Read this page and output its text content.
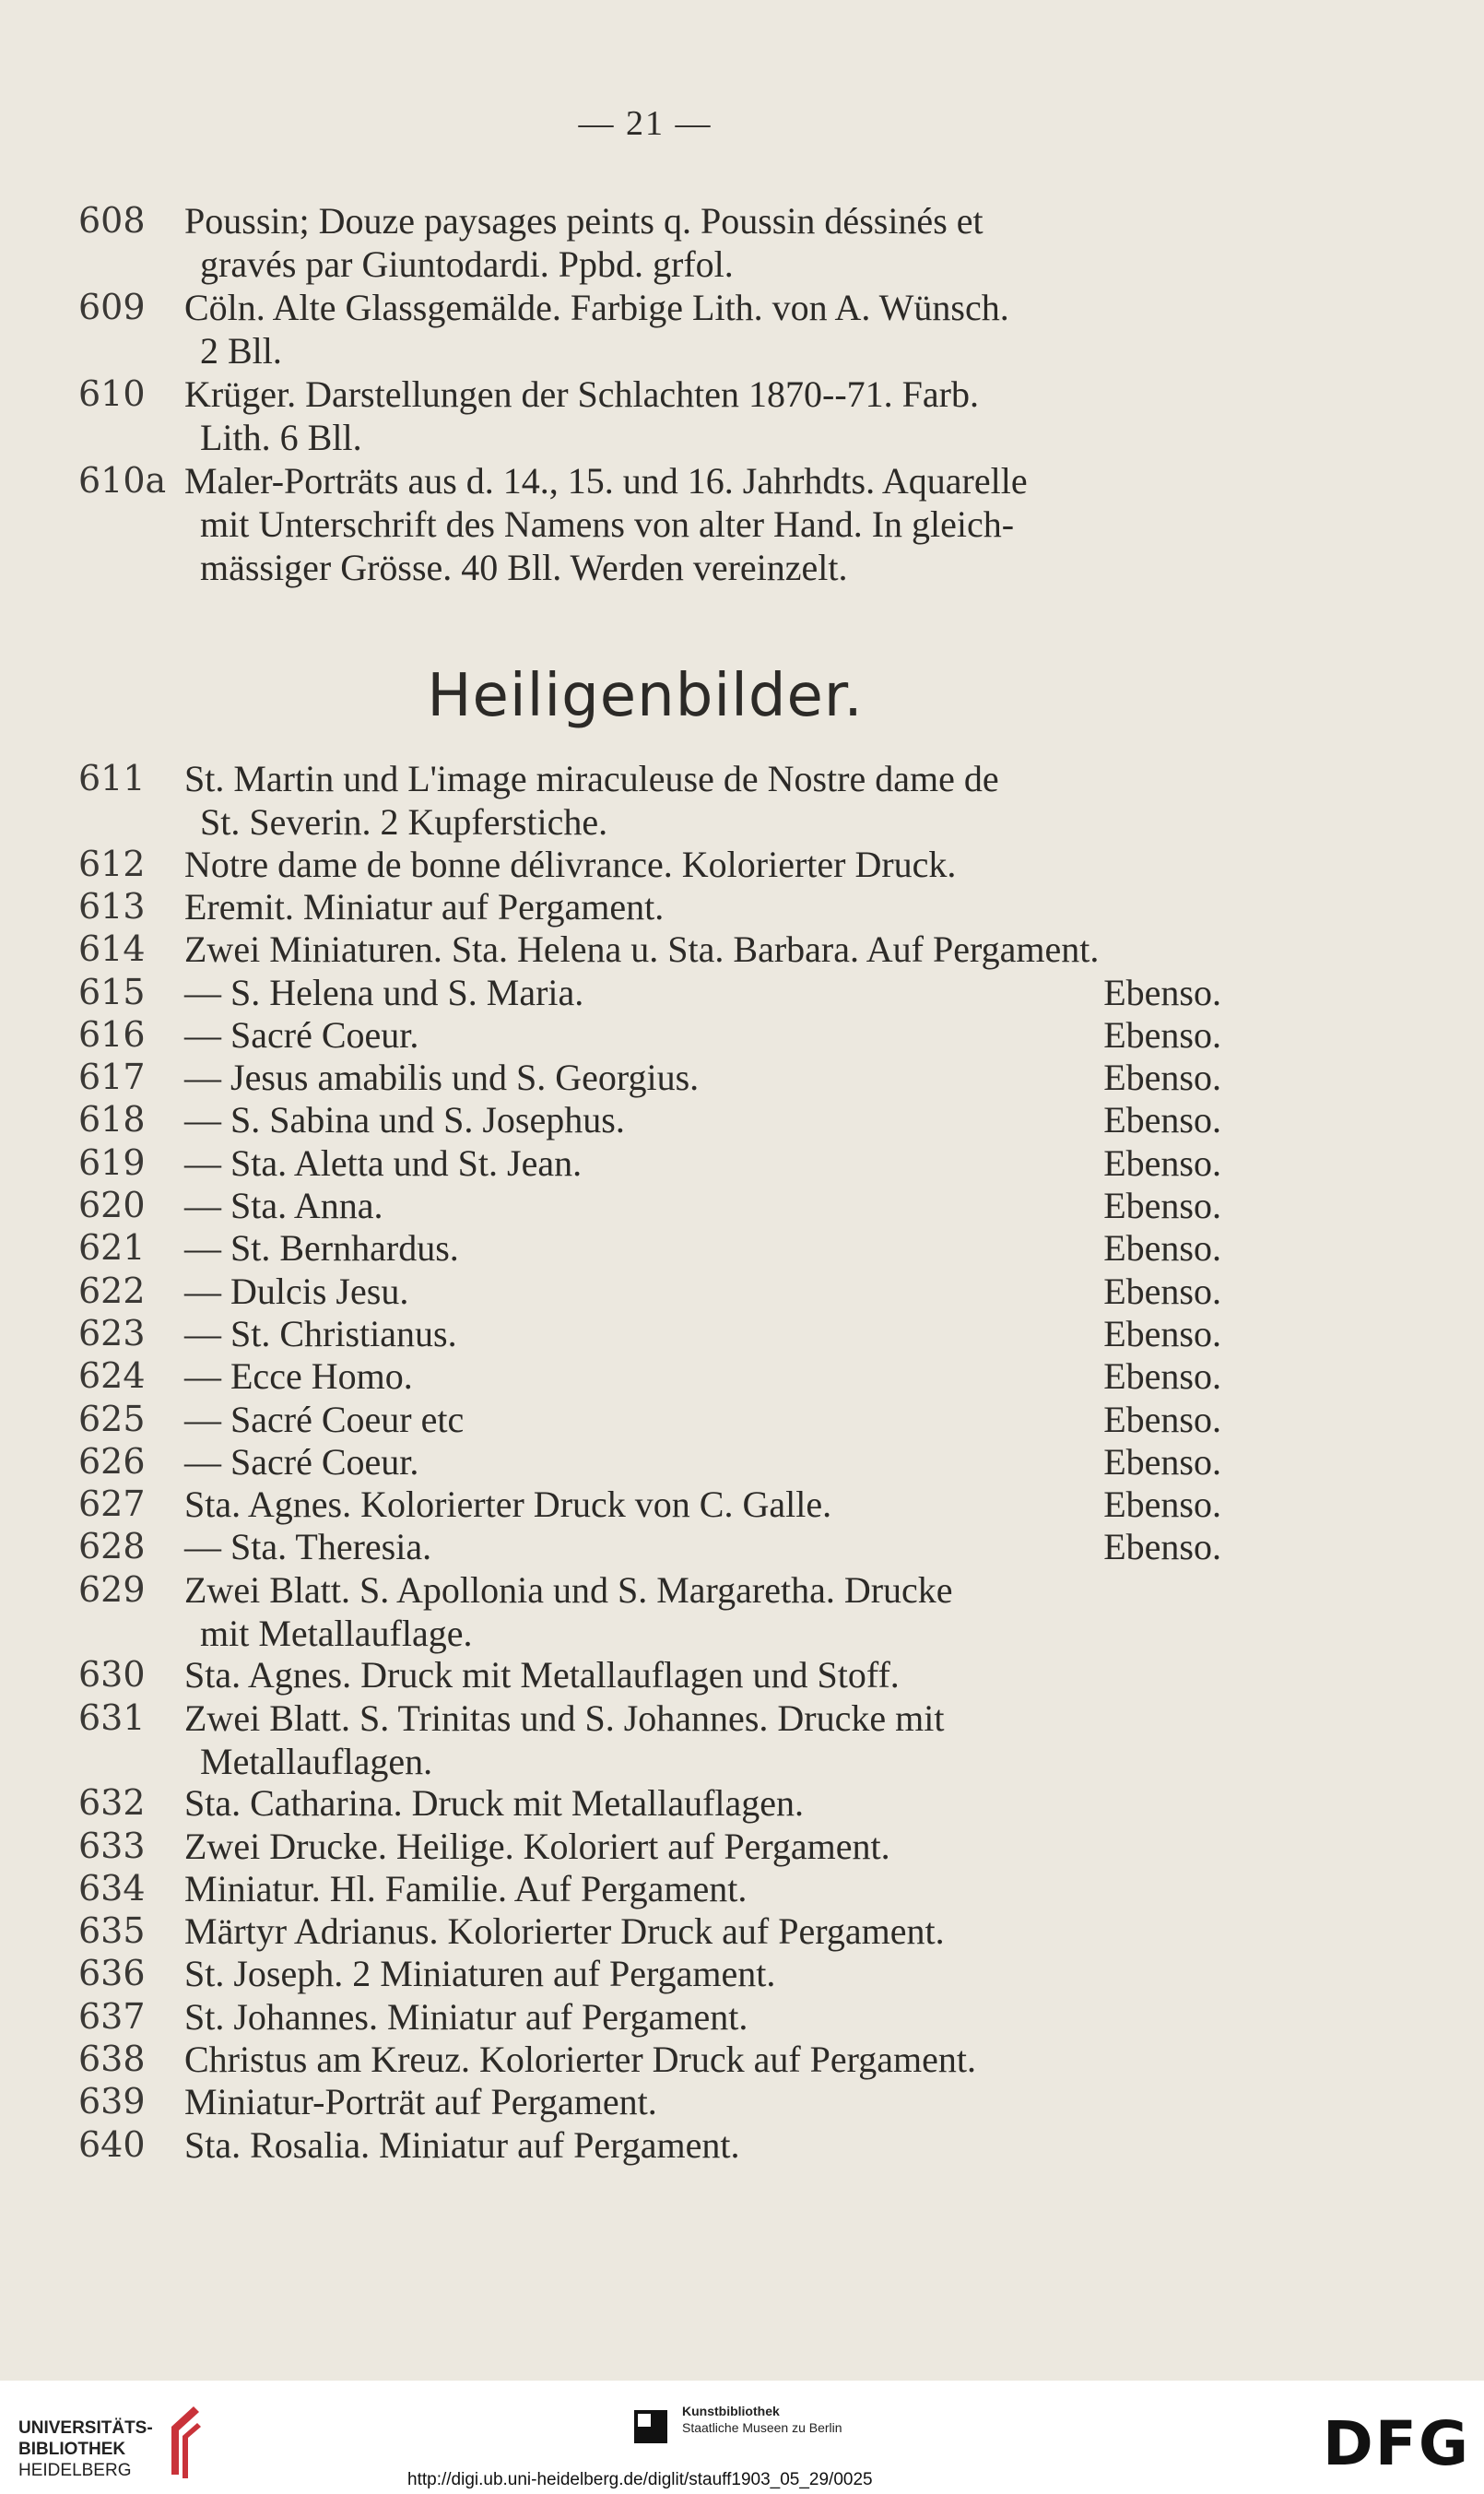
— 21 —
608 Poussin; Douze paysages peints q. Poussin déssinés et
gravés par Giuntodardi. Ppbd. grfol.
609 Cöln. Alte Glassgemälde. Farbige Lith. von A. Wünsch.
2 Bll.
610 Krüger. Darstellungen der Schlachten 1870--71. Farb.
Lith. 6 Bll.
610a Maler-Porträts aus d. 14., 15. und 16. Jahrhdts. Aquarelle
mit Unterschrift des Namens von alter Hand. In gleich-
mässiger Grösse. 40 Bll. Werden vereinzelt.
Heiligenbilder.
611 St. Martin und L'image miraculeuse de Nostre dame de
St. Severin. 2 Kupferstiche.
612 Notre dame de bonne délivrance. Kolorierter Druck.
613 Eremit. Miniatur auf Pergament.
614 Zwei Miniaturen. Sta. Helena u. Sta. Barbara. Auf Pergament.
615 — S. Helena und S. Maria.	Ebenso.
616 — Sacré Coeur.	Ebenso.
617 — Jesus amabilis und S. Georgius.	Ebenso.
618 — S. Sabina und S. Josephus.	Ebenso.
619 — Sta. Aletta und St. Jean.	Ebenso.
620 — Sta. Anna.	Ebenso.
621 — St. Bernhardus.	Ebenso.
622 — Dulcis Jesu.	Ebenso.
623 — St. Christianus.	Ebenso.
624 — Ecce Homo.	Ebenso.
625 — Sacré Coeur etc	Ebenso.
626 — Sacré Coeur.	Ebenso.
627 Sta. Agnes. Kolorierter Druck von C. Galle.	Ebenso.
628 — Sta. Theresia.	Ebenso.
629 Zwei Blatt. S. Apollonia und S. Margaretha. Drucke
mit Metallauflage.
630 Sta. Agnes. Druck mit Metallauflagen und Stoff.
631 Zwei Blatt. S. Trinitas und S. Johannes. Drucke mit
Metallauflagen.
632 Sta. Catharina. Druck mit Metallauflagen.
633 Zwei Drucke. Heilige. Koloriert auf Pergament.
634 Miniatur. Hl. Familie. Auf Pergament.
635 Märtyr Adrianus. Kolorierter Druck auf Pergament.
636 St. Joseph. 2 Miniaturen auf Pergament.
637 St. Johannes. Miniatur auf Pergament.
638 Christus am Kreuz. Kolorierter Druck auf Pergament.
639 Miniatur-Porträt auf Pergament.
640 Sta. Rosalia. Miniatur auf Pergament.
UNIVERSITÄTS-
BIBLIOTHEK
HEIDELBERG
Kunstbibliothek
Staatliche Museen zu Berlin
http://digi.ub.uni-heidelberg.de/diglit/stauff1903_05_29/0025
DFG
